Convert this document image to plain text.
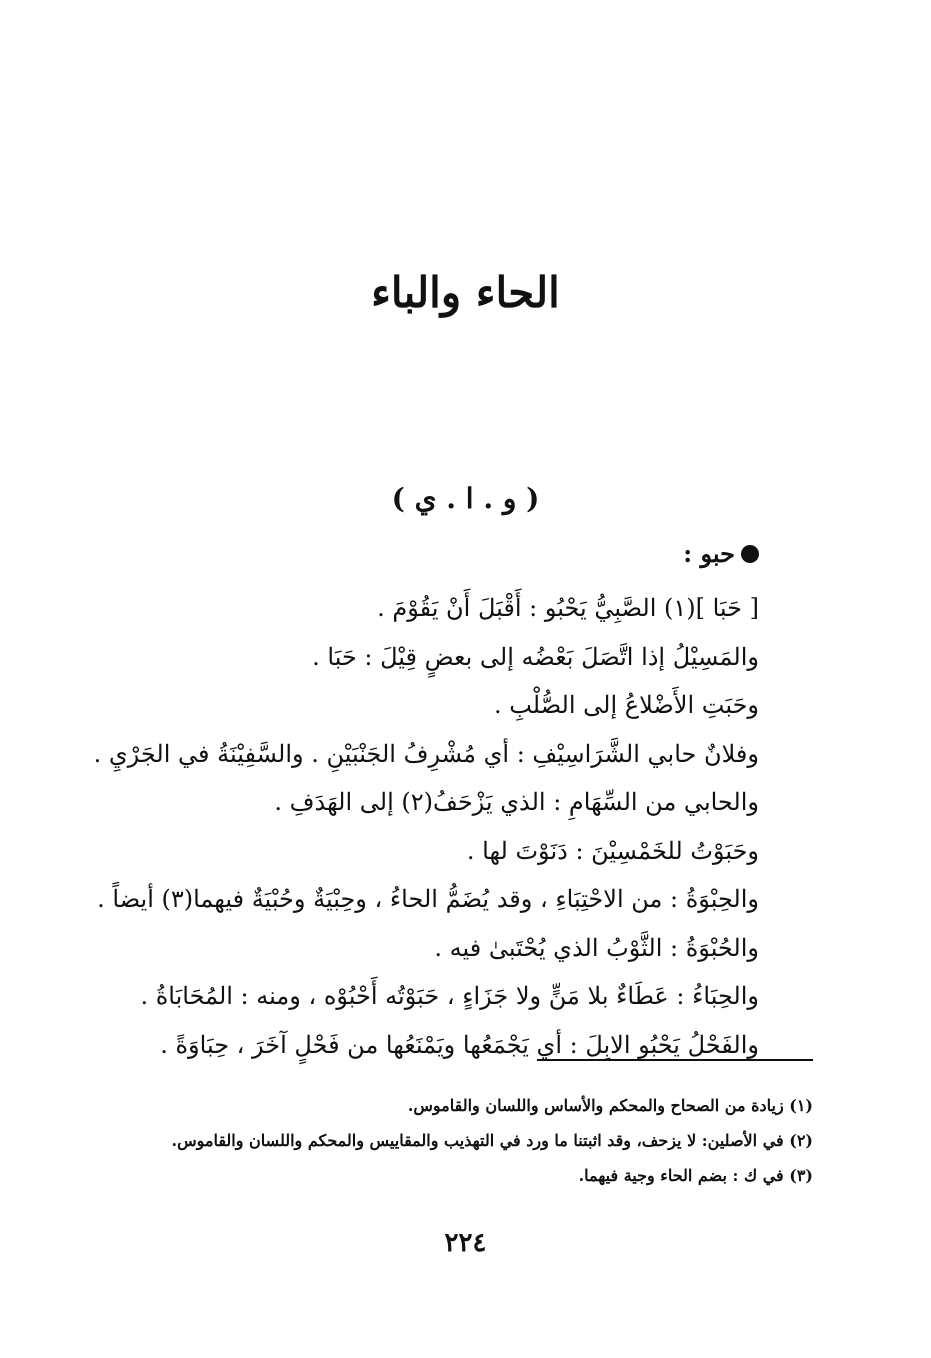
الحاء والباء
( و . ا . ي )
حبو :
[ حَبَا ](١) الصَّبِيُّ يَحْبُو : أَقْبَلَ أَنْ يَقُوْمَ .
والمَسِيْلُ إذا اتَّصَلَ بَعْضُه إلى بعضٍ قِيْلَ : حَبَا .
وحَبَتِ الأَضْلاعُ إلى الصُّلْبِ .
وفلانٌ حابي الشَّرَاسِيْفِ : أي مُشْرِفُ الجَنْبَيْنِ . والسَّفِيْنَةُ في الجَرْيِ .
والحابي من السِّهَامِ : الذي يَزْحَفُ(٢) إلى الهَدَفِ .
وحَبَوْتُ للخَمْسِيْنَ : دَنَوْتَ لها .
والحِبْوَةُ : من الاحْتِبَاءِ ، وقد يُضَمُّ الحاءُ ، وحِبْيَةٌ وحُبْيَةٌ فيهما(٣) أيضاً .
والحُبْوَةُ : الثَّوْبُ الذي يُحْتَبىٰ فيه .
والحِبَاءُ : عَطَاءٌ بلا مَنٍّ ولا جَزَاءٍ ، حَبَوْتُه أَحْبُوْه ، ومنه : المُحَابَاةُ .
والفَحْلُ يَحْبُو الابِلَ : أي يَجْمَعُها ويَمْنَعُها من فَحْلٍ آخَرَ ، حِبَاوَةً .
(١) زيادة من الصحاح والمحكم والأساس واللسان والقاموس.
(٢) في الأصلين: لا يزحف، وقد اثبتنا ما ورد في التهذيب والمقاييس والمحكم واللسان والقاموس.
(٣) في ك : بضم الحاء وجية فيهما.
٢٢٤
